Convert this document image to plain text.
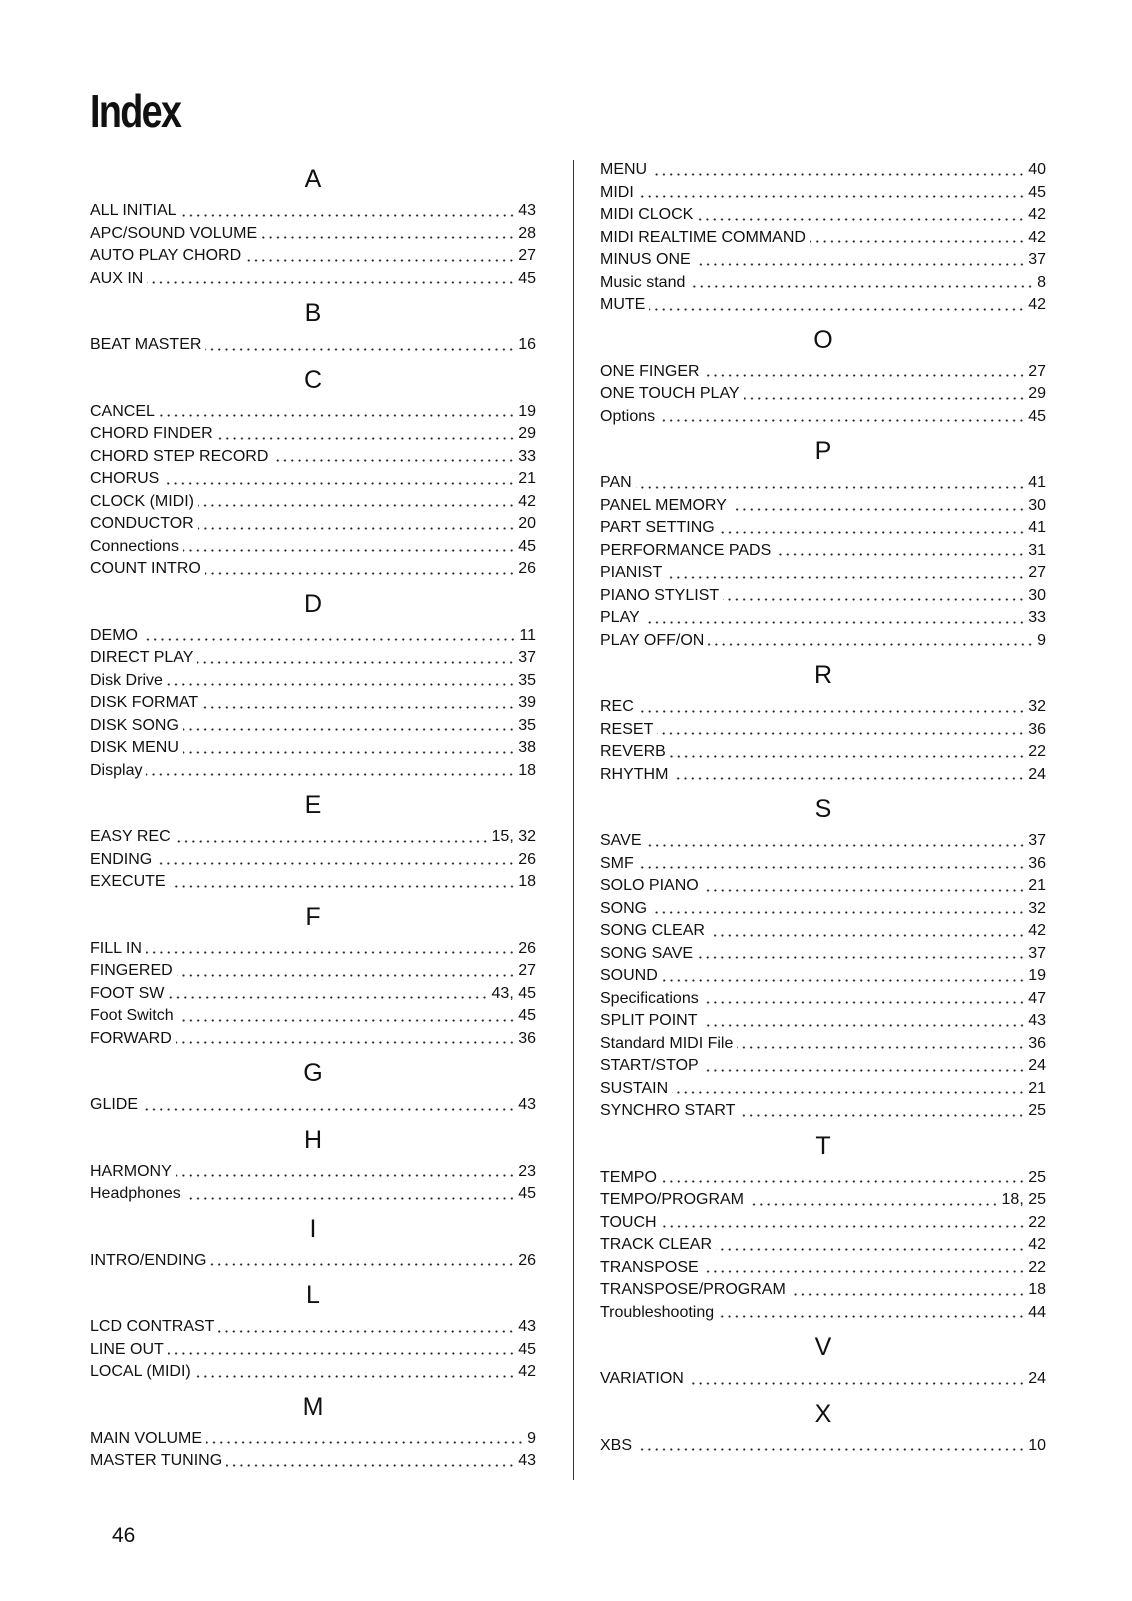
Index
A
ALL INITIAL	43
APC/SOUND VOLUME	28
AUTO PLAY CHORD	27
AUX IN	45
B
BEAT MASTER	16
C
CANCEL	19
CHORD FINDER	29
CHORD STEP RECORD	33
CHORUS	21
CLOCK (MIDI)	42
CONDUCTOR	20
Connections	45
COUNT INTRO	26
D
DEMO	11
DIRECT PLAY	37
Disk Drive	35
DISK FORMAT	39
DISK SONG	35
DISK MENU	38
Display	18
E
EASY REC	15, 32
ENDING	26
EXECUTE	18
F
FILL IN	26
FINGERED	27
FOOT SW	43, 45
Foot Switch	45
FORWARD	36
G
GLIDE	43
H
HARMONY	23
Headphones	45
I
INTRO/ENDING	26
L
LCD CONTRAST	43
LINE OUT	45
LOCAL (MIDI)	42
M
MAIN VOLUME	9
MASTER TUNING	43
MENU	40
MIDI	45
MIDI CLOCK	42
MIDI REALTIME COMMAND	42
MINUS ONE	37
Music stand	8
MUTE	42
O
ONE FINGER	27
ONE TOUCH PLAY	29
Options	45
P
PAN	41
PANEL MEMORY	30
PART SETTING	41
PERFORMANCE PADS	31
PIANIST	27
PIANO STYLIST	30
PLAY	33
PLAY OFF/ON	9
R
REC	32
RESET	36
REVERB	22
RHYTHM	24
S
SAVE	37
SMF	36
SOLO PIANO	21
SONG	32
SONG CLEAR	42
SONG SAVE	37
SOUND	19
Specifications	47
SPLIT POINT	43
Standard MIDI File	36
START/STOP	24
SUSTAIN	21
SYNCHRO START	25
T
TEMPO	25
TEMPO/PROGRAM	18, 25
TOUCH	22
TRACK CLEAR	42
TRANSPOSE	22
TRANSPOSE/PROGRAM	18
Troubleshooting	44
V
VARIATION	24
X
XBS	10
46
